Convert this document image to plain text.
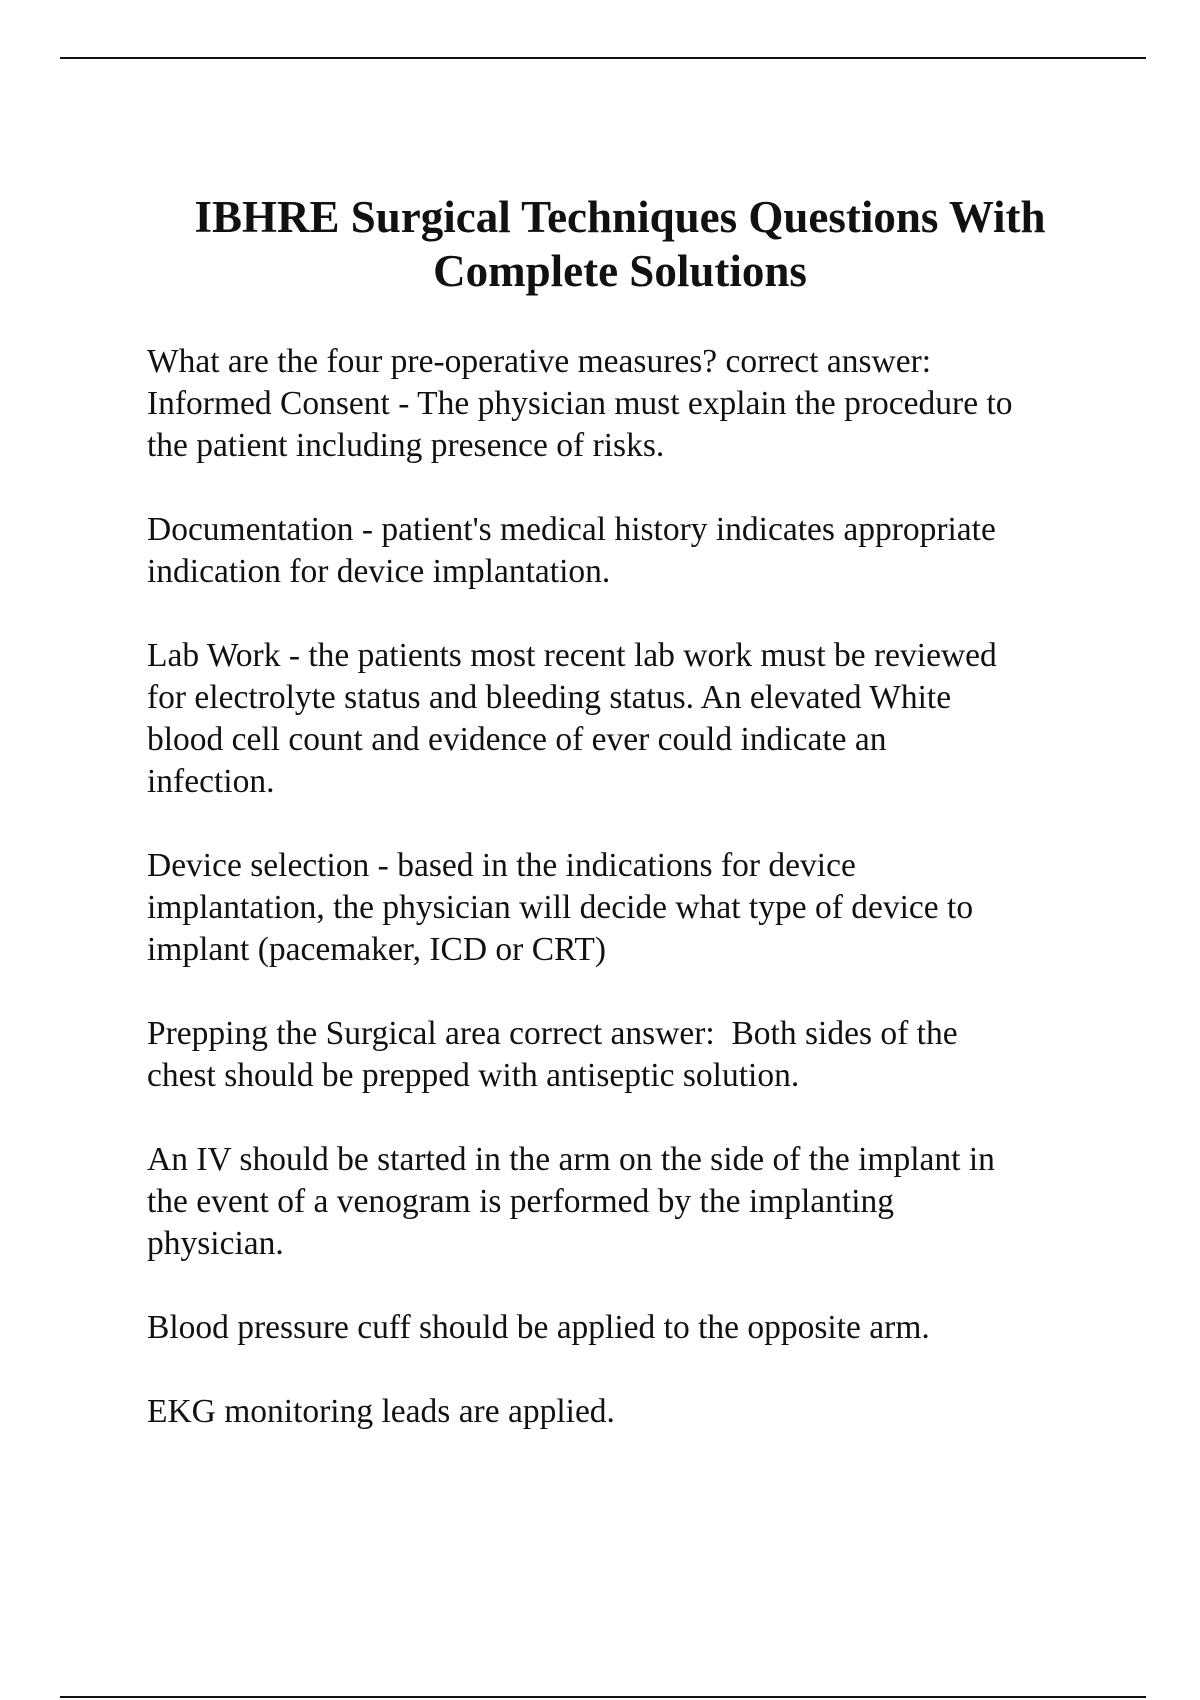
IBHRE Surgical Techniques Questions With
Complete Solutions
What are the four pre-operative measures? correct answer:
Informed Consent - The physician must explain the procedure to
the patient including presence of risks.
Documentation - patient's medical history indicates appropriate
indication for device implantation.
Lab Work - the patients most recent lab work must be reviewed
for electrolyte status and bleeding status. An elevated White
blood cell count and evidence of ever could indicate an
infection.
Device selection - based in the indications for device
implantation, the physician will decide what type of device to
implant (pacemaker, ICD or CRT)
Prepping the Surgical area correct answer:  Both sides of the
chest should be prepped with antiseptic solution.
An IV should be started in the arm on the side of the implant in
the event of a venogram is performed by the implanting
physician.
Blood pressure cuff should be applied to the opposite arm.
EKG monitoring leads are applied.
